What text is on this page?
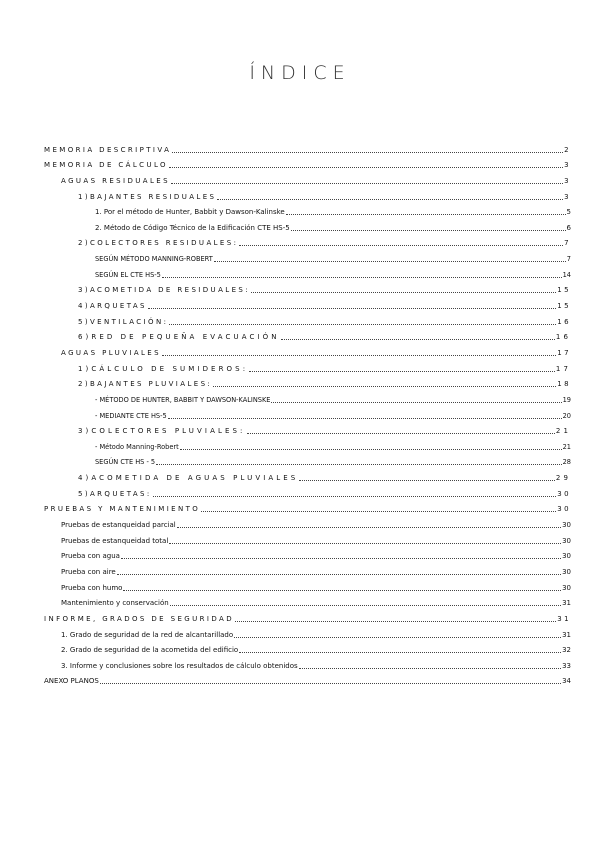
ÍNDICE
MEMORIA DESCRIPTIVA	2
MEMORIA DE CÁLCULO	3
AGUAS RESIDUALES	3
1)BAJANTES RESIDUALES	3
1. Por el método de Hunter, Babbit y Dawson-Kalinske	5
2. Método de Código Técnico de la Edificación CTE HS-5	6
2)COLECTORES RESIDUALES:	7
SEGÚN MÉTODO MANNING-ROBERT	7
SEGÚN EL CTE HS-5	14
3)ACOMETIDA DE RESIDUALES:	15
4)ARQUETAS	15
5)VENTILACIÓN:	16
6)RED DE PEQUEÑA EVACUACIÓN	16
AGUAS PLUVIALES	17
1)CÁLCULO DE SUMIDEROS:	17
2)BAJANTES PLUVIALES:	18
- MÉTODO DE HUNTER, BABBIT Y DAWSON-KALINSKE	19
- MEDIANTE CTE HS-5	20
3)COLECTORES PLUVIALES:	21
- Método Manning-Robert	21
SEGÚN CTE HS - 5	28
4)ACOMETIDA DE AGUAS PLUVIALES	29
5)ARQUETAS:	30
PRUEBAS Y MANTENIMIENTO	30
Pruebas de estanqueidad parcial	30
Pruebas de estanqueidad total	30
Prueba con agua	30
Prueba con aire	30
Prueba con humo	30
Mantenimiento y conservación	31
INFORME, GRADOS DE SEGURIDAD	31
1. Grado de seguridad de la red de alcantarillado	31
2. Grado de seguridad de la acometida del edificio	32
3. Informe y conclusiones sobre los resultados de cálculo obtenidos	33
ANEXO PLANOS	34
